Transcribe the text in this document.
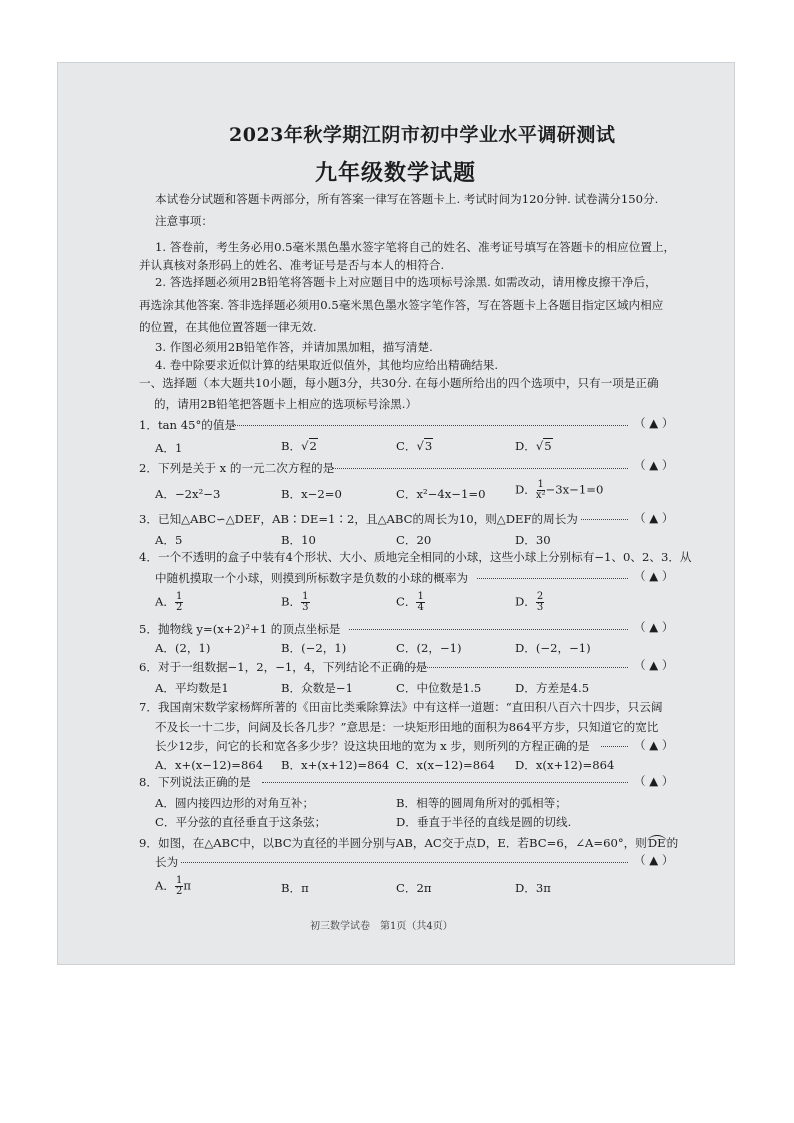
2023年秋学期江阴市初中学业水平调研测试
九年级数学试题
本试卷分试题和答题卡两部分，所有答案一律写在答题卡上. 考试时间为120分钟. 试卷满分150分.
注意事项：
1. 答卷前，考生务必用0.5毫米黑色墨水签字笔将自己的姓名、准考证号填写在答题卡的相应位置上，
并认真核对条形码上的姓名、准考证号是否与本人的相符合.
2. 答选择题必须用2B铅笔将答题卡上对应题目中的选项标号涂黑. 如需改动，请用橡皮擦干净后，
再选涂其他答案. 答非选择题必须用0.5毫米黑色墨水签字笔作答，写在答题卡上各题目指定区域内相应
的位置，在其他位置答题一律无效.
3. 作图必须用2B铅笔作答，并请加黑加粗，描写清楚.
4. 卷中除要求近似计算的结果取近似值外，其他均应给出精确结果.
一、选择题（本大题共10小题，每小题3分，共30分. 在每小题所给出的四个选项中，只有一项是正确
的，请用2B铅笔把答题卡上相应的选项标号涂黑.）
1．tan 45°的值是	（ ▲ ）
A．1	B．√2	C．√3	D．√5
2．下列是关于 x 的一元二次方程的是	（ ▲ ）
A．−2x²−3	B．x−2=0	C．x²−4x−1=0	D． $\frac{1}{\text{x²}} -3x-1=0$
3．已知△ABC∽△DEF，AB∶DE=1∶2，且△ABC的周长为10，则△DEF的周长为	（ ▲ ）
A．5	B．10	C．20	D．30
4．一个不透明的盒子中装有4个形状、大小、质地完全相同的小球，这些小球上分别标有−1、0、2、3．从
中随机摸取一个小球，则摸到所标数字是负数的小球的概率为	（ ▲ ）
A． $\frac{1}{2}$	B． $\frac{1}{3}$	C． $\frac{1}{4}$	D． $\frac{2}{3}$
5．抛物线 y=(x+2)²+1 的顶点坐标是	（ ▲ ）
A．(2，1)	B．(−2，1)	C．(2，−1)	D．(−2，−1)
6．对于一组数据−1，2，−1，4，下列结论不正确的是	（ ▲ ）
A．平均数是1	B．众数是−1	C．中位数是1.5	D．方差是4.5
7．我国南宋数学家杨辉所著的《田亩比类乘除算法》中有这样一道题：“直田积八百六十四步，只云阔
不及长一十二步，问阔及长各几步？”意思是：一块矩形田地的面积为864平方步，只知道它的宽比
长少12步，问它的长和宽各多少步？设这块田地的宽为 x 步，则所列的方程正确的是	（ ▲ ）
A．x+(x−12)=864 B．x+(x+12)=864 C．x(x−12)=864 D．x(x+12)=864
8．下列说法正确的是	（ ▲ ）
A．圆内接四边形的对角互补；	B．相等的圆周角所对的弧相等；
C．平分弦的直径垂直于这条弦；	D．垂直于半径的直线是圆的切线.
9．如图，在△ABC中，以BC为直径的半圆分别与AB，AC交于点D，E．若BC=6，∠A=60°，则DE的
长为	（ ▲ ）
A． $\frac{1}{2}$ π	B．π	C．2π	D．3π
初三数学试卷　第1页（共4页）
